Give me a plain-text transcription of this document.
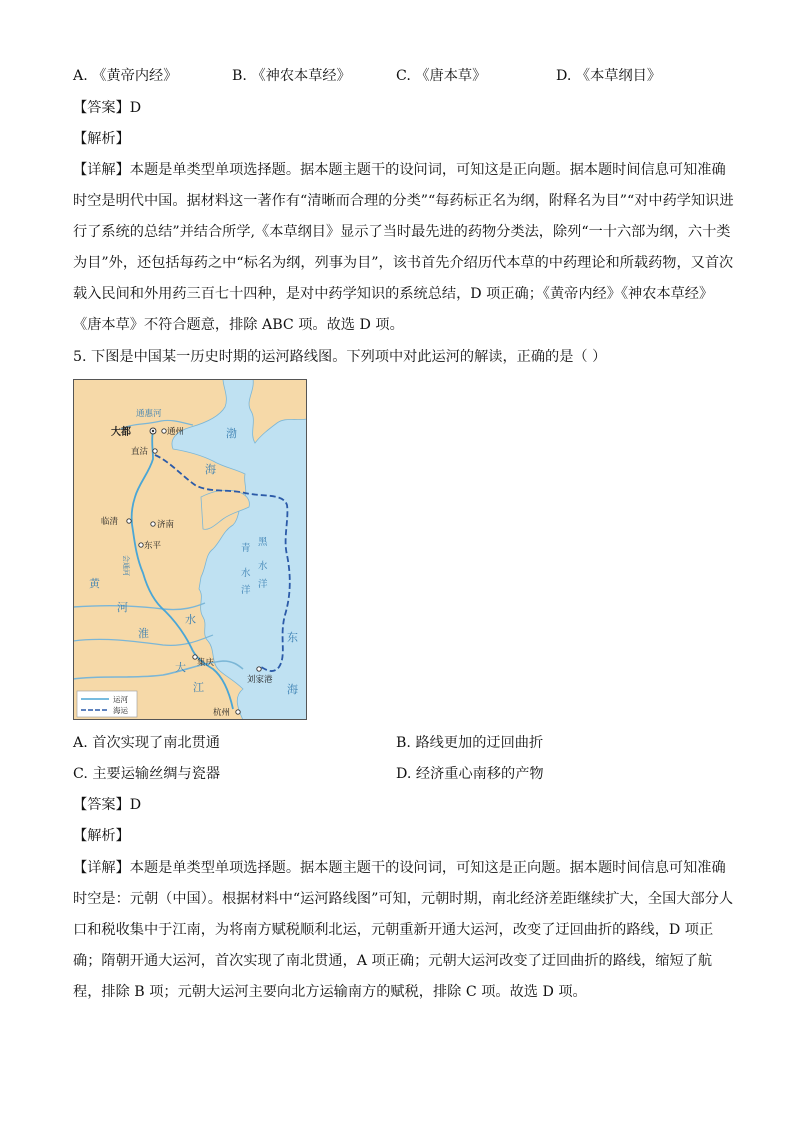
A. 《黄帝内经》	B. 《神农本草经》	C. 《唐本草》	D. 《本草纲目》
【答案】D
【解析】
【详解】本题是单类型单项选择题。据本题主题干的设问词，可知这是正向题。据本题时间信息可知准确
时空是明代中国。据材料这一著作有“清晰而合理的分类”“每药标正名为纲，附释名为目”“对中药学知识进
行了系统的总结”并结合所学,《本草纲目》显示了当时最先进的药物分类法，除列“一十六部为纲，六十类
为目”外，还包括每药之中“标名为纲，列事为目”，该书首先介绍历代本草的中药理论和所载药物，又首次
载入民间和外用药三百七十四种，是对中药学知识的系统总结，D 项正确；《黄帝内经》《神农本草经》
《唐本草》不符合题意，排除 ABC 项。故选 D 项。
5. 下图是中国某一历史时期的运河路线图。下列项中对此运河的解读，正确的是（ ）
通惠河
大都	通州
直沽
渤
海
临清	济南
东平	青
水
洋
黑
水
洋
黄
河
淮
水
东
大
江
集庆
刘家港
海
杭州
会通河
运河
海运
A. 首次实现了南北贯通	B. 路线更加的迂回曲折
C. 主要运输丝绸与瓷器	D. 经济重心南移的产物
【答案】D
【解析】
【详解】本题是单类型单项选择题。据本题主题干的设问词，可知这是正向题。据本题时间信息可知准确
时空是：元朝（中国）。根据材料中“运河路线图”可知，元朝时期，南北经济差距继续扩大，全国大部分人
口和税收集中于江南，为将南方赋税顺利北运，元朝重新开通大运河，改变了迂回曲折的路线，D 项正
确；隋朝开通大运河，首次实现了南北贯通，A 项正确；元朝大运河改变了迂回曲折的路线，缩短了航
程，排除 B 项；元朝大运河主要向北方运输南方的赋税，排除 C 项。故选 D 项。
